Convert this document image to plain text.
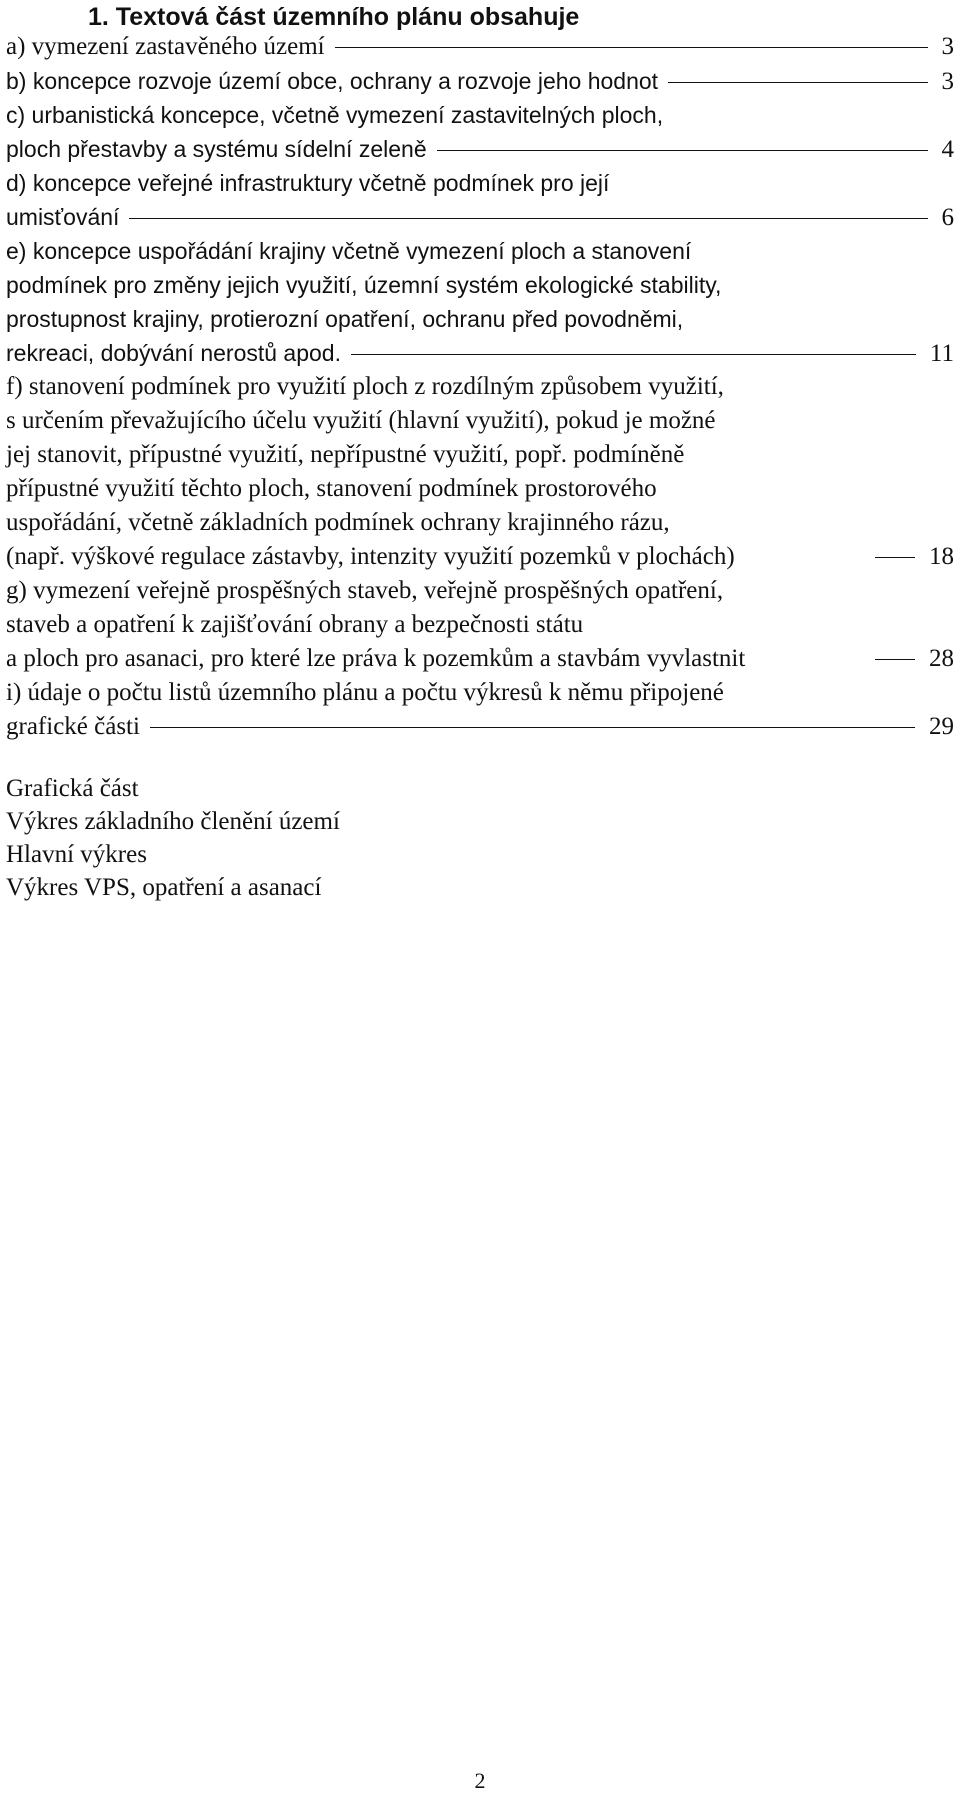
1. Textová část územního plánu obsahuje
a) vymezení zastavěného území	3
b) koncepce rozvoje území obce, ochrany a rozvoje jeho hodnot	3
c) urbanistická koncepce, včetně vymezení zastavitelných ploch,
ploch přestavby a systému sídelní zeleně	4
d) koncepce veřejné infrastruktury včetně podmínek pro její
umisťování	6
e) koncepce uspořádání krajiny včetně vymezení ploch a stanovení
podmínek pro změny jejich využití, územní systém ekologické stability,
prostupnost krajiny, protierozní opatření, ochranu před povodněmi,
rekreaci, dobývání nerostů apod.	11
f) stanovení podmínek pro využití ploch z rozdílným způsobem využití,
s určením převažujícího účelu využití (hlavní využití), pokud je možné
jej stanovit, přípustné využití, nepřípustné využití, popř. podmíněně
přípustné využití těchto ploch, stanovení podmínek prostorového
uspořádání, včetně základních podmínek ochrany krajinného rázu,
(např. výškové regulace zástavby, intenzity využití pozemků v plochách)	18
g) vymezení veřejně prospěšných staveb, veřejně prospěšných opatření,
staveb a opatření k zajišťování obrany a bezpečnosti státu
a ploch pro asanaci, pro které lze práva k pozemkům a stavbám vyvlastnit	28
i) údaje o počtu listů územního plánu a počtu výkresů k němu připojené
grafické části	29
Grafická část
Výkres základního členění území
Hlavní výkres
Výkres VPS, opatření a asanací
2
